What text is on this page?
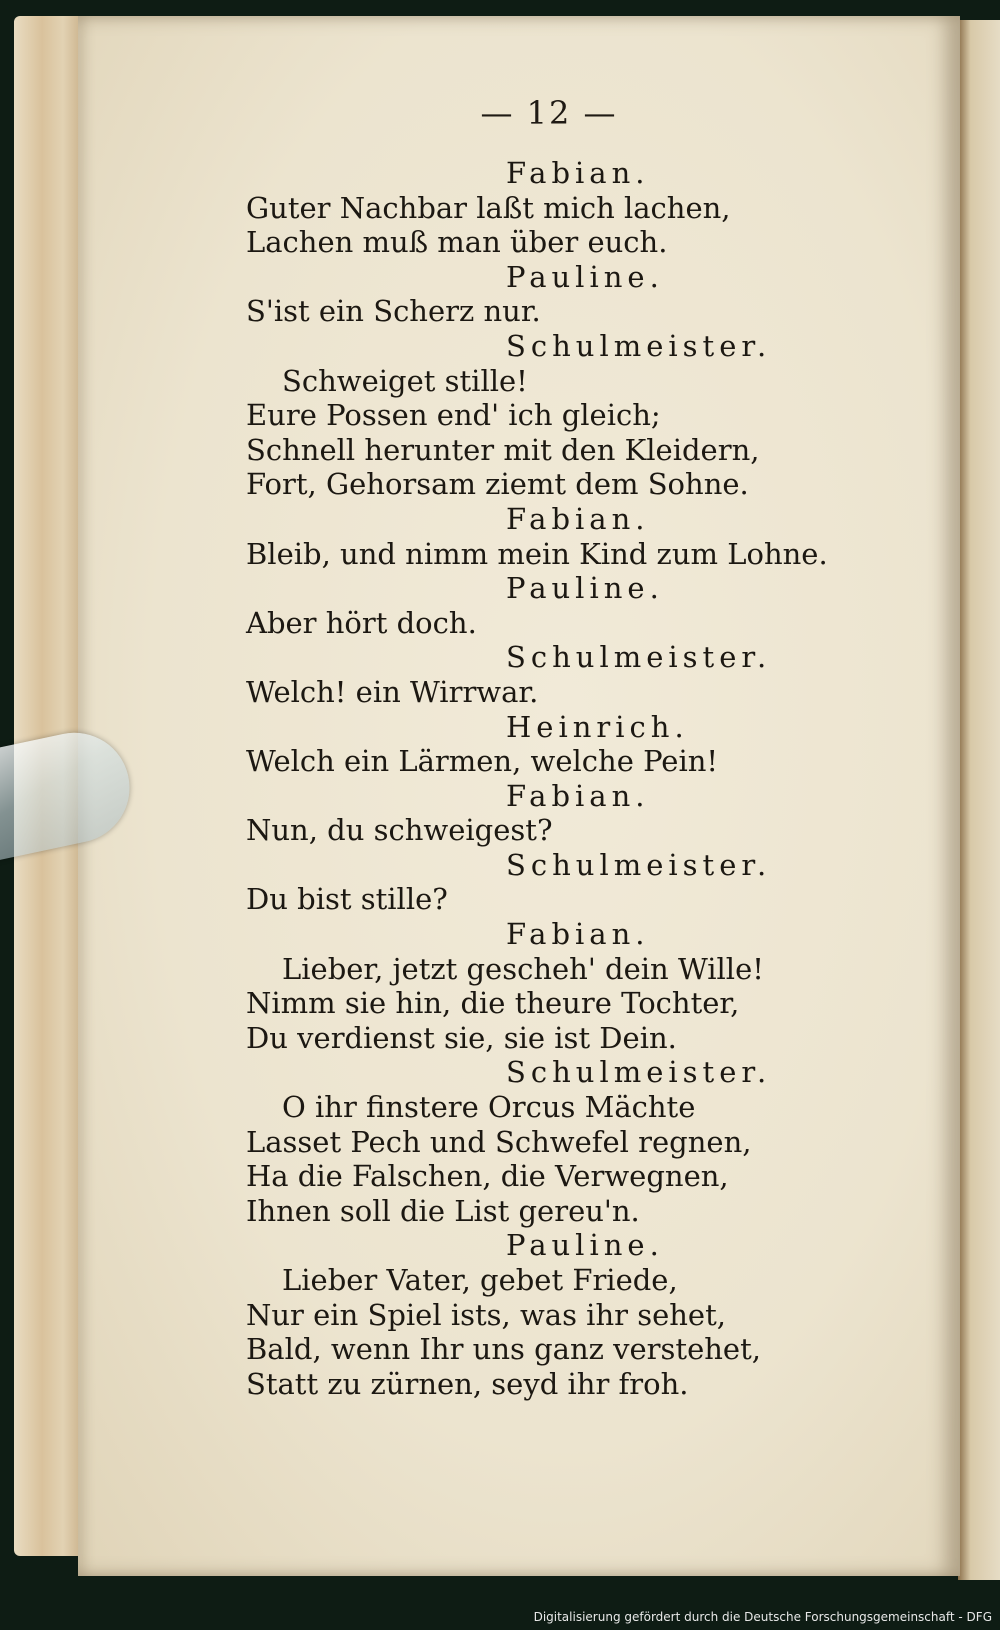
— 12 —
Fabian.
Guter Nachbar laßt mich lachen,
Lachen muß man über euch.
Pauline.
S'ist ein Scherz nur.
Schulmeister.
Schweiget stille!
Eure Possen end' ich gleich;
Schnell herunter mit den Kleidern,
Fort, Gehorsam ziemt dem Sohne.
Fabian.
Bleib, und nimm mein Kind zum Lohne.
Pauline.
Aber hört doch.
Schulmeister.
Welch! ein Wirrwar.
Heinrich.
Welch ein Lärmen, welche Pein!
Fabian.
Nun, du schweigest?
Schulmeister.
Du bist stille?
Fabian.
Lieber, jetzt gescheh' dein Wille!
Nimm sie hin, die theure Tochter,
Du verdienst sie, sie ist Dein.
Schulmeister.
O ihr finstere Orcus Mächte
Lasset Pech und Schwefel regnen,
Ha die Falschen, die Verwegnen,
Ihnen soll die List gereu'n.
Pauline.
Lieber Vater, gebet Friede,
Nur ein Spiel ists, was ihr sehet,
Bald, wenn Ihr uns ganz verstehet,
Statt zu zürnen, seyd ihr froh.
Digitalisierung gefördert durch die Deutsche Forschungsgemeinschaft - DFG
